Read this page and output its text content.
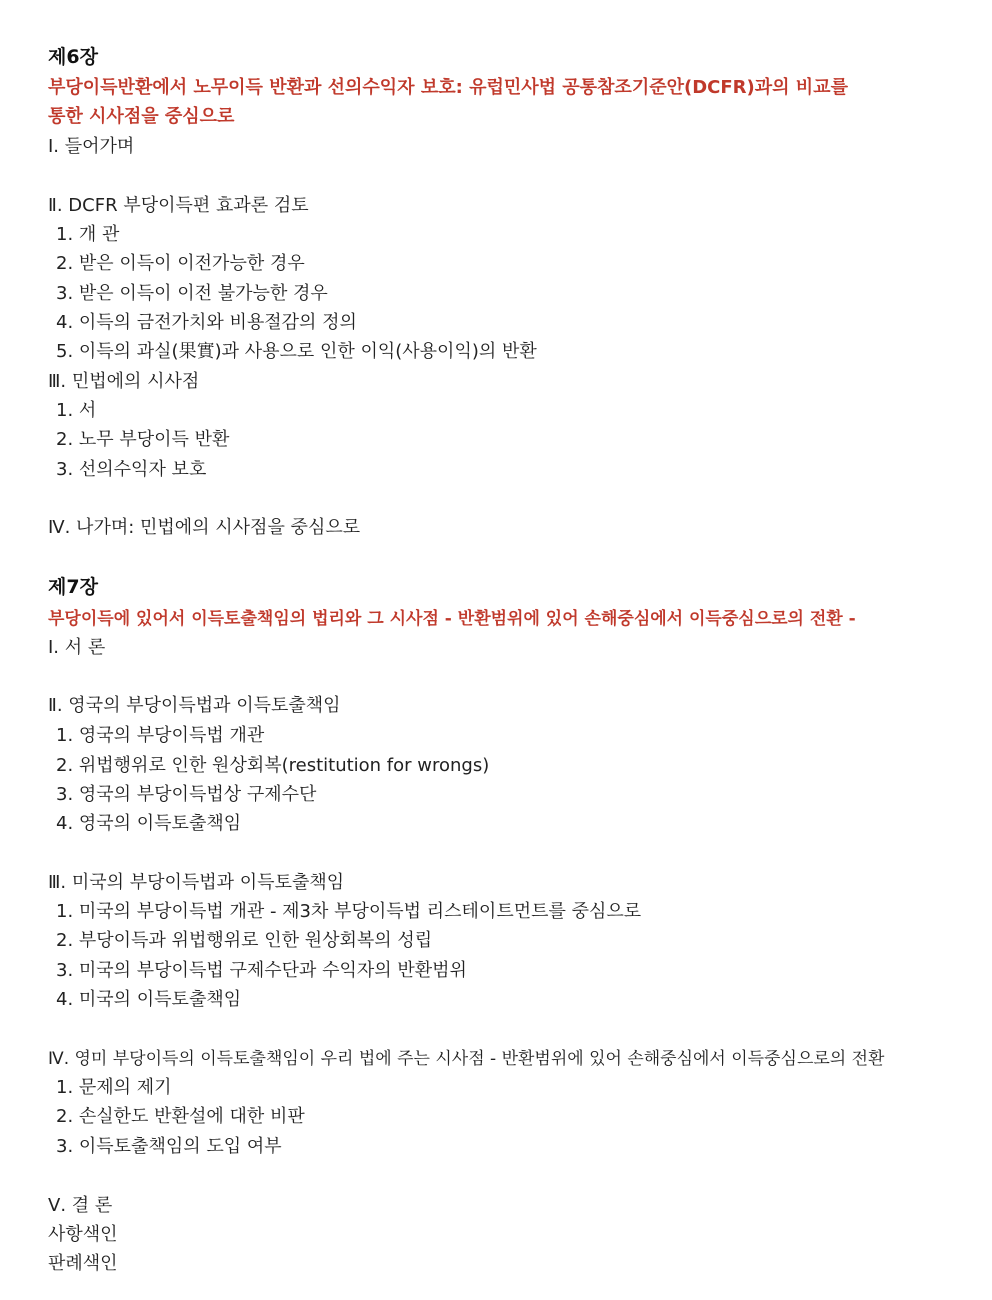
제6장
부당이득반환에서 노무이득 반환과 선의수익자 보호: 유럽민사법 공통참조기준안(DCFR)과의 비교를
통한 시사점을 중심으로
Ⅰ. 들어가며
Ⅱ. DCFR 부당이득편 효과론 검토
1. 개 관
2. 받은 이득이 이전가능한 경우
3. 받은 이득이 이전 불가능한 경우
4. 이득의 금전가치와 비용절감의 정의
5. 이득의 과실(果實)과 사용으로 인한 이익(사용이익)의 반환
Ⅲ. 민법에의 시사점
1. 서
2. 노무 부당이득 반환
3. 선의수익자 보호
Ⅳ. 나가며: 민법에의 시사점을 중심으로
제7장
부당이득에 있어서 이득토출책임의 법리와 그 시사점 - 반환범위에 있어 손해중심에서 이득중심으로의 전환 -
Ⅰ. 서 론
Ⅱ. 영국의 부당이득법과 이득토출책임
1. 영국의 부당이득법 개관
2. 위법행위로 인한 원상회복(restitution for wrongs)
3. 영국의 부당이득법상 구제수단
4. 영국의 이득토출책임
Ⅲ. 미국의 부당이득법과 이득토출책임
1. 미국의 부당이득법 개관 - 제3차 부당이득법 리스테이트먼트를 중심으로
2. 부당이득과 위법행위로 인한 원상회복의 성립
3. 미국의 부당이득법 구제수단과 수익자의 반환범위
4. 미국의 이득토출책임
Ⅳ. 영미 부당이득의 이득토출책임이 우리 법에 주는 시사점 - 반환범위에 있어 손해중심에서 이득중심으로의 전환
1. 문제의 제기
2. 손실한도 반환설에 대한 비판
3. 이득토출책임의 도입 여부
Ⅴ. 결 론
사항색인
판례색인
